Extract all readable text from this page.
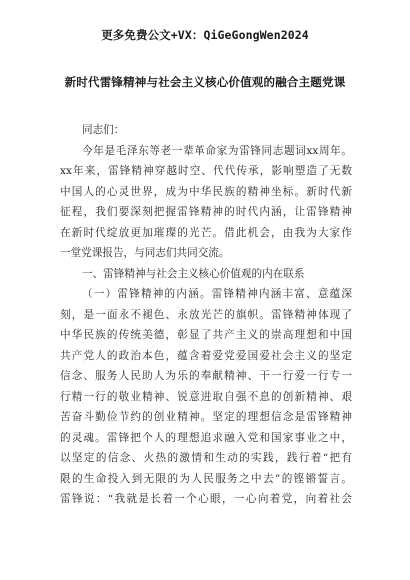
更多免费公文+VX：QiGeGongWen2024
新时代雷锋精神与社会主义核心价值观的融合主题党课
同志们：
今年是毛泽东等老一辈革命家为雷锋同志题词xx周年。
xx年来，雷锋精神穿越时空、代代传承，影响塑造了无数
中国人的心灵世界，成为中华民族的精神坐标。新时代新
征程，我们要深刻把握雷锋精神的时代内涵，让雷锋精神
在新时代绽放更加璀璨的光芒。借此机会，由我为大家作
一堂党课报告，与同志们共同交流。
一、雷锋精神与社会主义核心价值观的内在联系
（一）雷锋精神的内涵。雷锋精神内涵丰富、意蕴深
刻，是一面永不褪色、永放光芒的旗帜。雷锋精神体现了
中华民族的传统美德，彰显了共产主义的崇高理想和中国
共产党人的政治本色，蕴含着爱党爱国爱社会主义的坚定
信念、服务人民助人为乐的奉献精神、干一行爱一行专一
行精一行的敬业精神、锐意进取自强不息的创新精神、艰
苦奋斗勤俭节约的创业精神。坚定的理想信念是雷锋精神
的灵魂。雷锋把个人的理想追求融入党和国家事业之中，
以坚定的信念、火热的激情和生动的实践，践行着“把有
限的生命投入到无限的为人民服务之中去”的铿锵誓言。
雷锋说：“我就是长着一个心眼，一心向着党，向着社会
